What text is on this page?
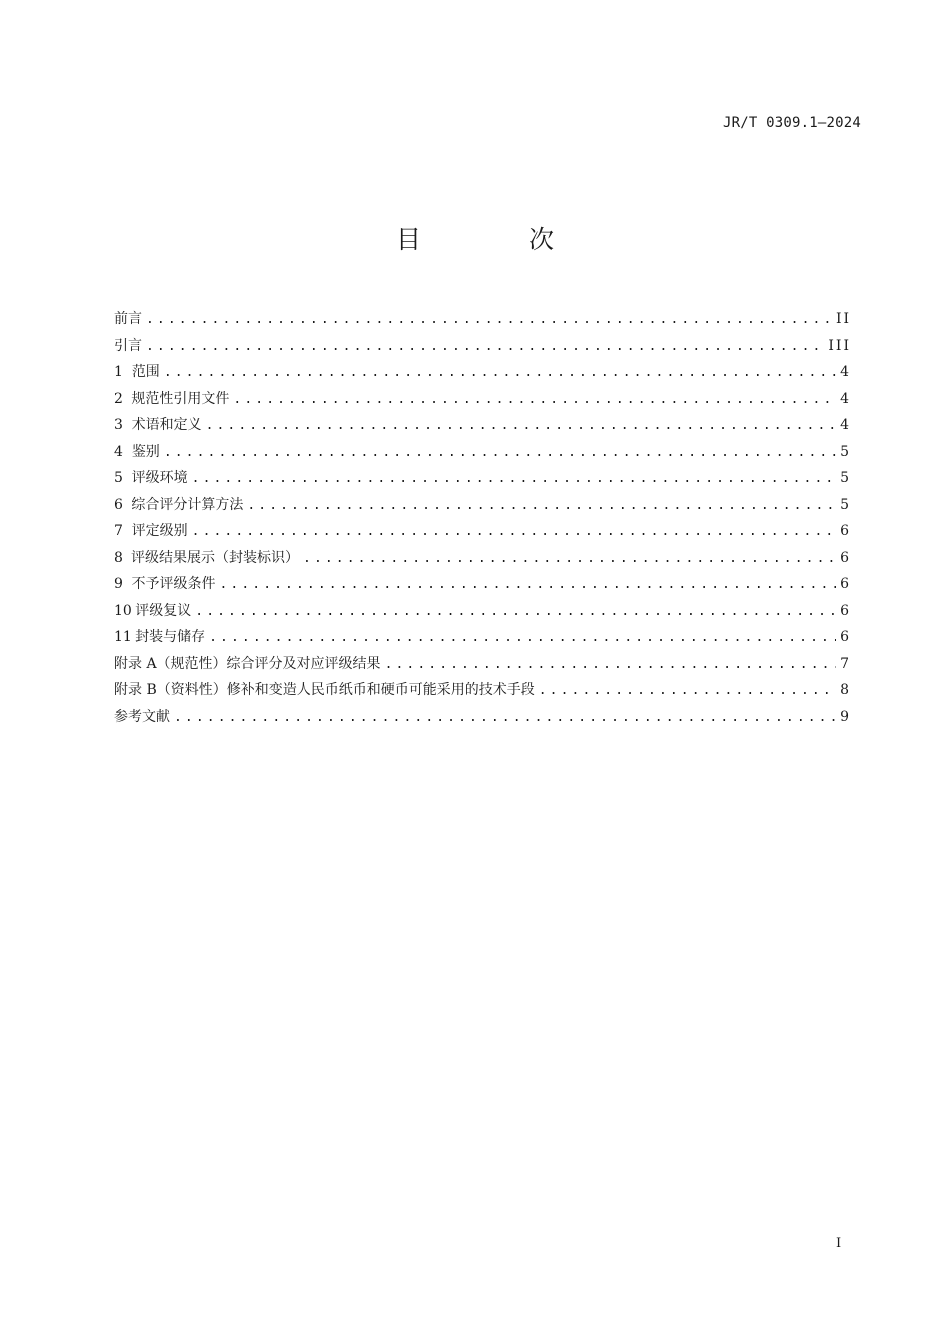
JR/T 0309.1—2024
目 次
前言 .....	II
引言 .....	III
1 范围 .....	4
2 规范性引用文件 .....	4
3 术语和定义 .....	4
4 鉴别 .....	5
5 评级环境 .....	5
6 综合评分计算方法 .....	5
7 评定级别 .....	6
8 评级结果展示（封装标识） .....	6
9 不予评级条件 .....	6
10 评级复议 .....	6
11 封装与储存 .....	6
附录 A（规范性）综合评分及对应评级结果 .....	7
附录 B（资料性）修补和变造人民币纸币和硬币可能采用的技术手段 .....	8
参考文献 .....	9
I
